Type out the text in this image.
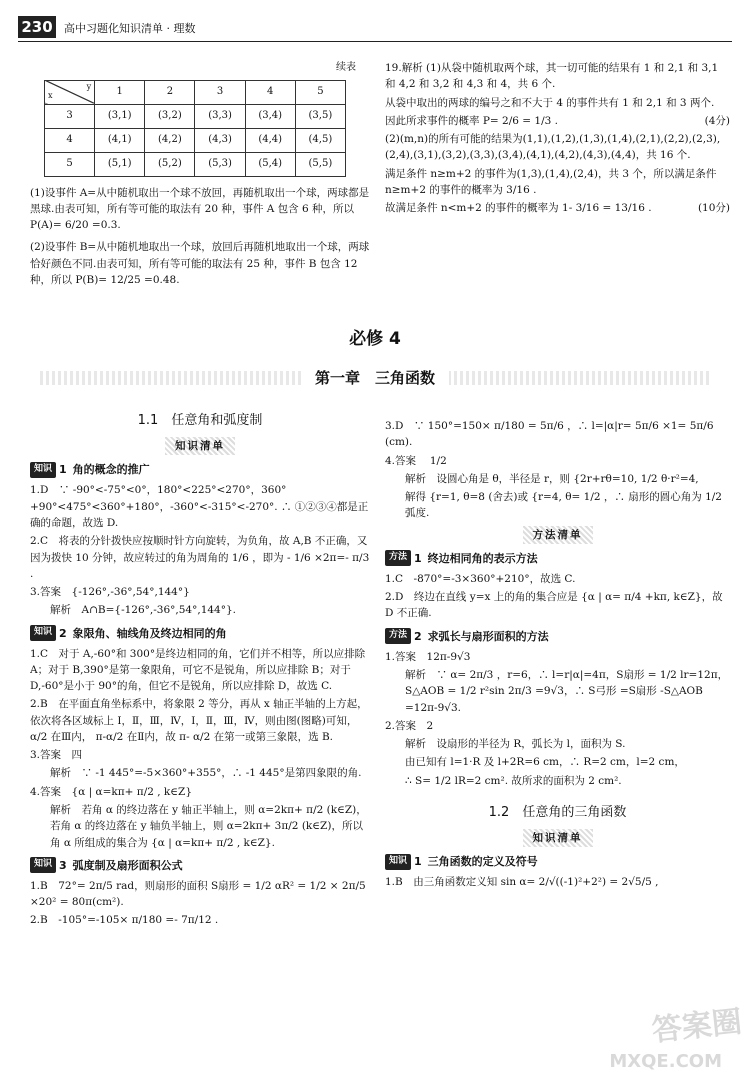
230	高中习题化知识清单 · 理数
续表
y
x	1	2	3	4	5
3	(3,1)	(3,2)	(3,3)	(3,4)	(3,5)
4	(4,1)	(4,2)	(4,3)	(4,4)	(4,5)
5	(5,1)	(5,2)	(5,3)	(5,4)	(5,5)

(1)设事件 A=从中随机取出一个球不放回，再随机取出一个球，两球都是黑球.由表可知，所有等可能的取法有 20 种，事件 A 包含 6 种，所以 P(A)= 6/20 =0.3.

(2)设事件 B=从中随机地取出一个球，放回后再随机地取出一个球，两球恰好颜色不同.由表可知，所有等可能的取法有 25 种，事件 B 包含 12 种，所以 P(B)= 12/25 =0.48.

19.解析 (1)从袋中随机取两个球，其一切可能的结果有 1 和 2,1 和 3,1 和 4,2 和 3,2 和 4,3 和 4，共 6 个.

从袋中取出的两球的编号之和不大于 4 的事件共有 1 和 2,1 和 3 两个.

(4分)
因此所求事件的概率 P= 2/6 = 1/3 .

(2)(m,n)的所有可能的结果为(1,1),(1,2),(1,3),(1,4),(2,1),(2,2),(2,3),(2,4),(3,1),(3,2),(3,3),(3,4),(4,1),(4,2),(4,3),(4,4)，共 16 个.

满足条件 n≥m+2 的事件为(1,3),(1,4),(2,4)，共 3 个，所以满足条件 n≥m+2 的事件的概率为 3/16 .

(10分)
故满足条件 n<m+2 的事件的概率为 1- 3/16 = 13/16 .

必修 4
第一章　三角函数
1.1　任意角和弧度制
知识清单
知识 1 角的概念的推广

1.D　∵ -90°<-75°<0°，180°<225°<270°，360°+90°<475°<360°+180°，-360°<-315°<-270°. ∴ ①②③④都是正确的命题，故选 D.

2.C　将表的分针拨快应按顺时针方向旋转，为负角，故 A,B 不正确，又因为拨快 10 分钟，故应转过的角为周角的 1/6 ，即为 - 1/6 ×2π=- π/3 .

3.答案　{-126°,-36°,54°,144°}

解析　A∩B={-126°,-36°,54°,144°}.

知识 2 象限角、轴线角及终边相同的角

1.C　对于 A,-60°和 300°是终边相同的角，它们并不相等，所以应排除 A；对于 B,390°是第一象限角，可它不是锐角，所以应排除 B；对于 D,-60°是小于 90°的角，但它不是锐角，所以应排除 D，故选 C.

2.B　在平面直角坐标系中，将象限 2 等分，再从 x 轴正半轴的上方起，依次将各区域标上 Ⅰ，Ⅱ，Ⅲ，Ⅳ，Ⅰ，Ⅱ，Ⅲ，Ⅳ，则由图(图略)可知， α/2 在Ⅲ内， π-α/2 在Ⅱ内，故 π- α/2 在第一或第三象限，选 B.

3.答案　四

解析　∵ -1 445°=-5×360°+355°，∴ -1 445°是第四象限的角.

4.答案　{α | α=kπ+ π/2 , k∈Z}

解析　若角 α 的终边落在 y 轴正半轴上，则 α=2kπ+ π/2 (k∈Z)，若角 α 的终边落在 y 轴负半轴上，则 α=2kπ+ 3π/2 (k∈Z)，所以角 α 所组成的集合为 {α | α=kπ+ π/2 , k∈Z}.

知识 3 弧度制及扇形面积公式

1.B　72°= 2π/5 rad，则扇形的面积 S扇形 = 1/2 αR² = 1/2 × 2π/5 ×20² = 80π(cm²).

2.B　-105°=-105× π/180 =- 7π/12 .

3.D　∵ 150°=150× π/180 = 5π/6 ，∴ l=|α|r= 5π/6 ×1= 5π/6 (cm).

4.答案　 1/2

解析　设圆心角是 θ，半径是 r，则 {2r+rθ=10, 1/2 θ·r²=4,

解得 {r=1, θ=8 (舍去)或 {r=4, θ= 1/2 ，∴ 扇形的圆心角为 1/2 弧度.

方法清单
方法 1 终边相同角的表示方法

1.C　-870°=-3×360°+210°，故选 C.

2.D　终边在直线 y=x 上的角的集合应是 {α | α= π/4 +kπ, k∈Z}，故 D 不正确.

方法 2 求弧长与扇形面积的方法

1.答案　12π-9√3

解析　∵ α= 2π/3 ，r=6，∴ l=r|α|=4π，S扇形 = 1/2 lr=12π，S△AOB = 1/2 r²sin 2π/3 =9√3，∴ S弓形 =S扇形 -S△AOB =12π-9√3.

2.答案　2

解析　设扇形的半径为 R，弧长为 l，面积为 S.

由已知有 l=1·R 及 l+2R=6 cm，∴ R=2 cm，l=2 cm，

∴ S= 1/2 lR=2 cm². 故所求的面积为 2 cm².

1.2　任意角的三角函数
知识清单
知识 1 三角函数的定义及符号

1.B　由三角函数定义知 sin α= 2/√((-1)²+2²) = 2√5/5 ,

答案圈
MXQE.COM
